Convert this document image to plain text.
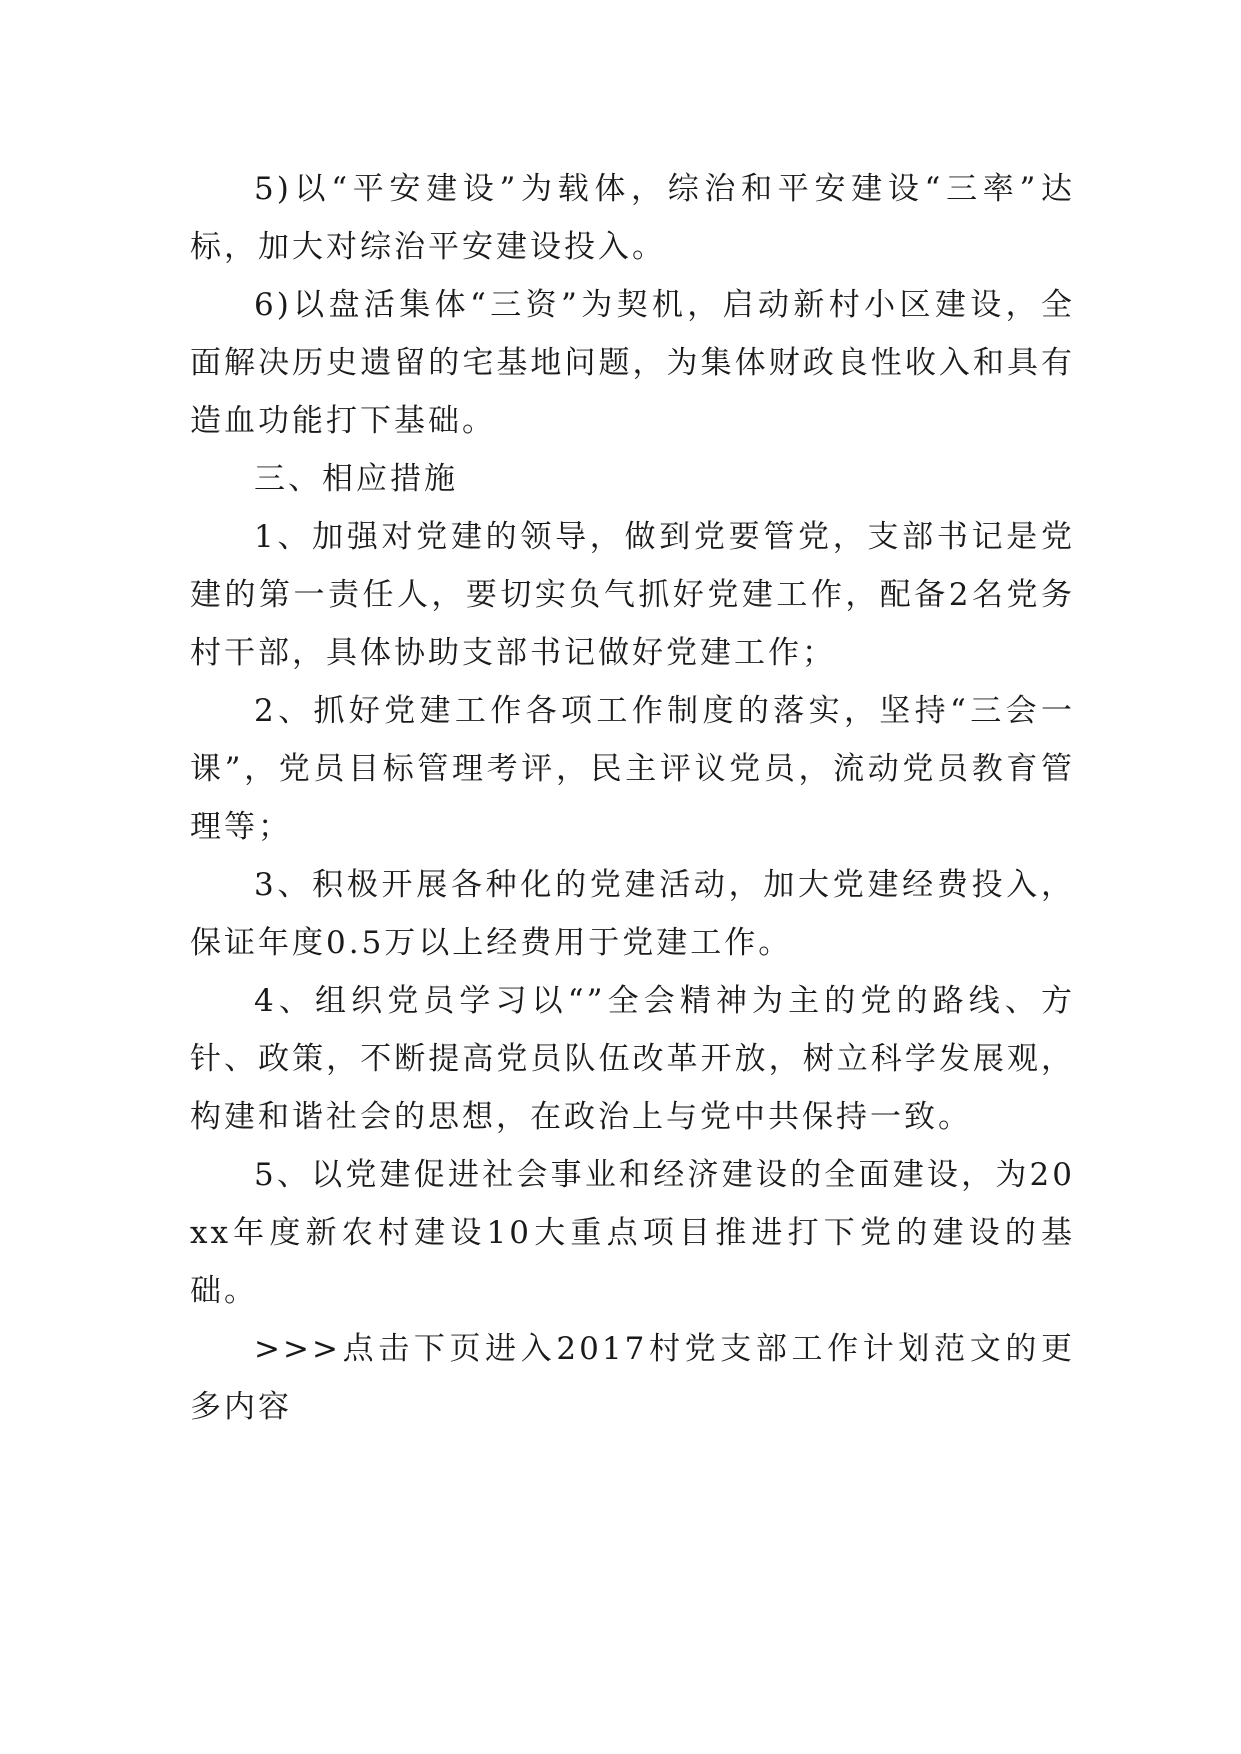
5)以“平安建设”为载体，综治和平安建设“三率”达标，加大对综治平安建设投入。

6)以盘活集体“三资”为契机，启动新村小区建设，全面解决历史遗留的宅基地问题，为集体财政良性收入和具有造血功能打下基础。

三、相应措施

1、加强对党建的领导，做到党要管党，支部书记是党建的第一责任人，要切实负气抓好党建工作，配备2名党务村干部，具体协助支部书记做好党建工作；

2、抓好党建工作各项工作制度的落实，坚持“三会一课”，党员目标管理考评，民主评议党员，流动党员教育管理等；

3、积极开展各种化的党建活动，加大党建经费投入，保证年度0.5万以上经费用于党建工作。

4、组织党员学习以“”全会精神为主的党的路线、方针、政策，不断提高党员队伍改革开放，树立科学发展观，构建和谐社会的思想，在政治上与党中共保持一致。

5、以党建促进社会事业和经济建设的全面建设，为20xx年度新农村建设10大重点项目推进打下党的建设的基础。

>>>点击下页进入2017村党支部工作计划范文的更多内容
